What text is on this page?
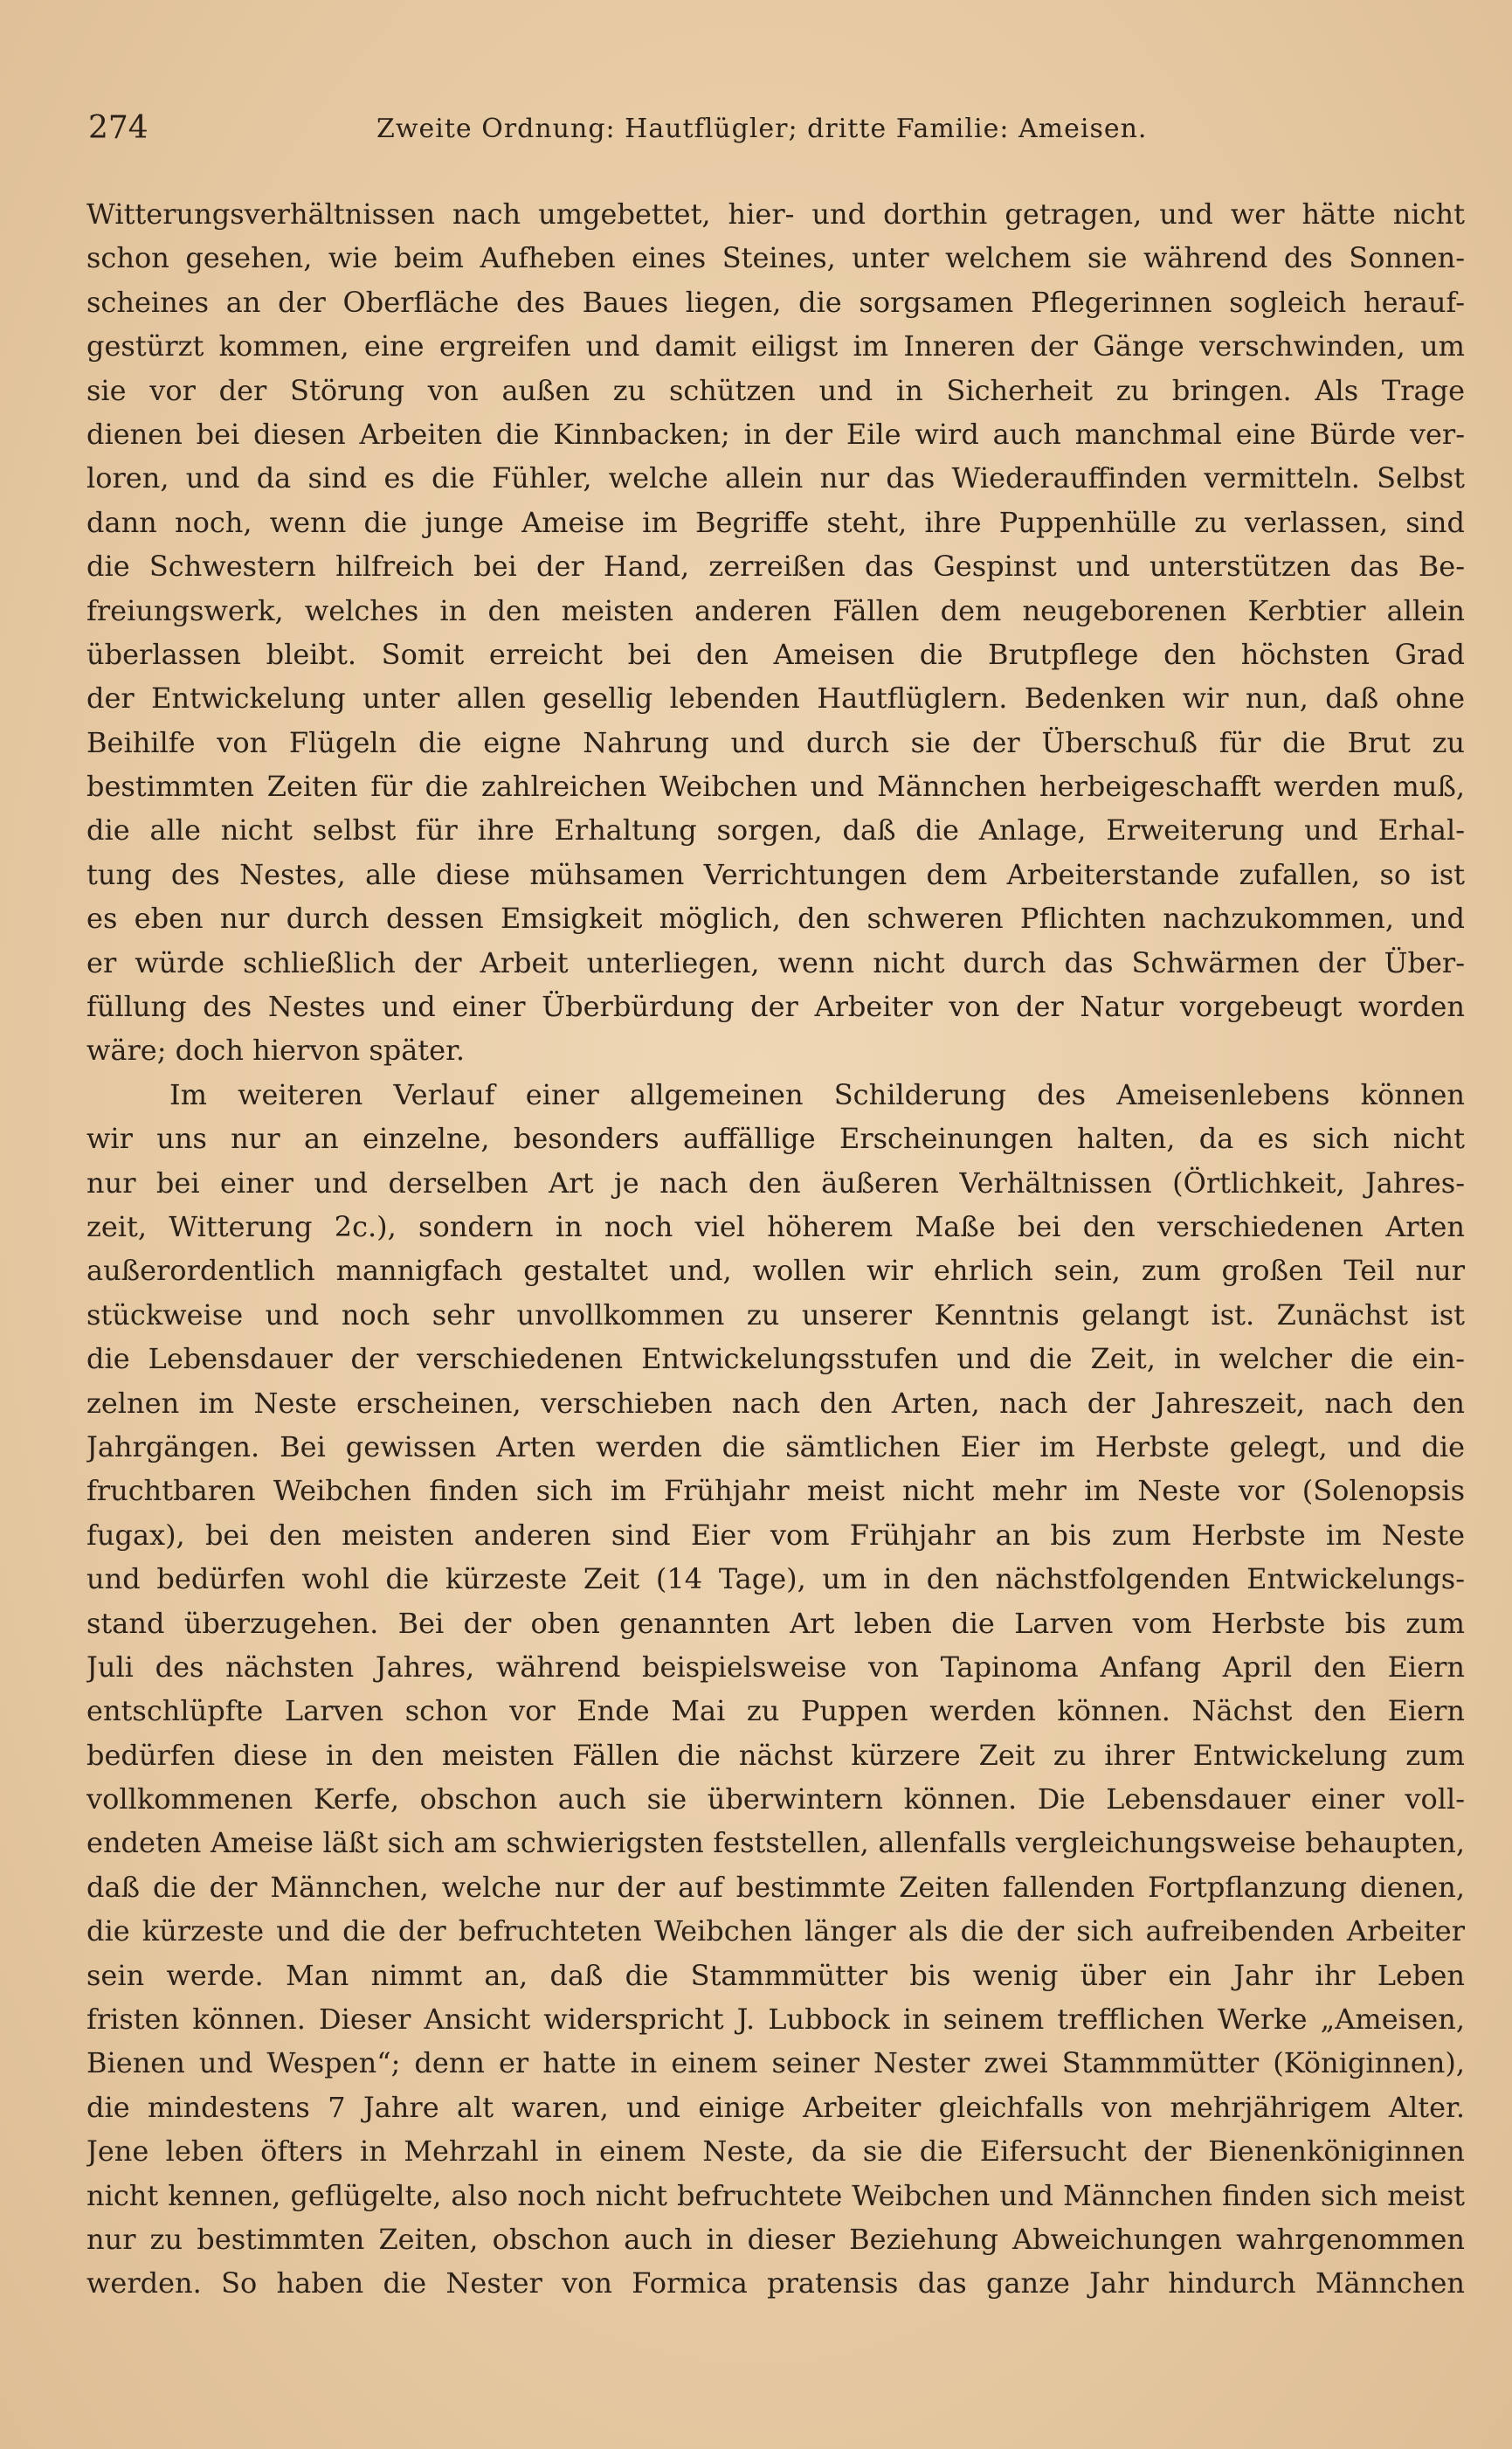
274	Zweite Ordnung: Hautflügler; dritte Familie: Ameisen.
Witterungsverhältnissen nach umgebettet, hier- und dorthin getragen, und wer hätte nicht
schon gesehen, wie beim Aufheben eines Steines, unter welchem sie während des Sonnen-
scheines an der Oberfläche des Baues liegen, die sorgsamen Pflegerinnen sogleich herauf-
gestürzt kommen, eine ergreifen und damit eiligst im Inneren der Gänge verschwinden, um
sie vor der Störung von außen zu schützen und in Sicherheit zu bringen. Als Trage
dienen bei diesen Arbeiten die Kinnbacken; in der Eile wird auch manchmal eine Bürde ver-
loren, und da sind es die Fühler, welche allein nur das Wiederauffinden vermitteln. Selbst
dann noch, wenn die junge Ameise im Begriffe steht, ihre Puppenhülle zu verlassen, sind
die Schwestern hilfreich bei der Hand, zerreißen das Gespinst und unterstützen das Be-
freiungswerk, welches in den meisten anderen Fällen dem neugeborenen Kerbtier allein
überlassen bleibt. Somit erreicht bei den Ameisen die Brutpflege den höchsten Grad
der Entwickelung unter allen gesellig lebenden Hautflüglern. Bedenken wir nun, daß ohne
Beihilfe von Flügeln die eigne Nahrung und durch sie der Überschuß für die Brut zu
bestimmten Zeiten für die zahlreichen Weibchen und Männchen herbeigeschafft werden muß,
die alle nicht selbst für ihre Erhaltung sorgen, daß die Anlage, Erweiterung und Erhal-
tung des Nestes, alle diese mühsamen Verrichtungen dem Arbeiterstande zufallen, so ist
es eben nur durch dessen Emsigkeit möglich, den schweren Pflichten nachzukommen, und
er würde schließlich der Arbeit unterliegen, wenn nicht durch das Schwärmen der Über-
füllung des Nestes und einer Überbürdung der Arbeiter von der Natur vorgebeugt worden
wäre; doch hiervon später.
Im weiteren Verlauf einer allgemeinen Schilderung des Ameisenlebens können
wir uns nur an einzelne, besonders auffällige Erscheinungen halten, da es sich nicht
nur bei einer und derselben Art je nach den äußeren Verhältnissen (Örtlichkeit, Jahres-
zeit, Witterung 2c.), sondern in noch viel höherem Maße bei den verschiedenen Arten
außerordentlich mannigfach gestaltet und, wollen wir ehrlich sein, zum großen Teil nur
stückweise und noch sehr unvollkommen zu unserer Kenntnis gelangt ist. Zunächst ist
die Lebensdauer der verschiedenen Entwickelungsstufen und die Zeit, in welcher die ein-
zelnen im Neste erscheinen, verschieben nach den Arten, nach der Jahreszeit, nach den
Jahrgängen. Bei gewissen Arten werden die sämtlichen Eier im Herbste gelegt, und die
fruchtbaren Weibchen finden sich im Frühjahr meist nicht mehr im Neste vor (Solenopsis
fugax), bei den meisten anderen sind Eier vom Frühjahr an bis zum Herbste im Neste
und bedürfen wohl die kürzeste Zeit (14 Tage), um in den nächstfolgenden Entwickelungs-
stand überzugehen. Bei der oben genannten Art leben die Larven vom Herbste bis zum
Juli des nächsten Jahres, während beispielsweise von Tapinoma Anfang April den Eiern
entschlüpfte Larven schon vor Ende Mai zu Puppen werden können. Nächst den Eiern
bedürfen diese in den meisten Fällen die nächst kürzere Zeit zu ihrer Entwickelung zum
vollkommenen Kerfe, obschon auch sie überwintern können. Die Lebensdauer einer voll-
endeten Ameise läßt sich am schwierigsten feststellen, allenfalls vergleichungsweise behaupten,
daß die der Männchen, welche nur der auf bestimmte Zeiten fallenden Fortpflanzung dienen,
die kürzeste und die der befruchteten Weibchen länger als die der sich aufreibenden Arbeiter
sein werde. Man nimmt an, daß die Stammmütter bis wenig über ein Jahr ihr Leben
fristen können. Dieser Ansicht widerspricht J. Lubbock in seinem trefflichen Werke „Ameisen,
Bienen und Wespen“; denn er hatte in einem seiner Nester zwei Stammmütter (Königinnen),
die mindestens 7 Jahre alt waren, und einige Arbeiter gleichfalls von mehrjährigem Alter.
Jene leben öfters in Mehrzahl in einem Neste, da sie die Eifersucht der Bienenköniginnen
nicht kennen, geflügelte, also noch nicht befruchtete Weibchen und Männchen finden sich meist
nur zu bestimmten Zeiten, obschon auch in dieser Beziehung Abweichungen wahrgenommen
werden. So haben die Nester von Formica pratensis das ganze Jahr hindurch Männchen
